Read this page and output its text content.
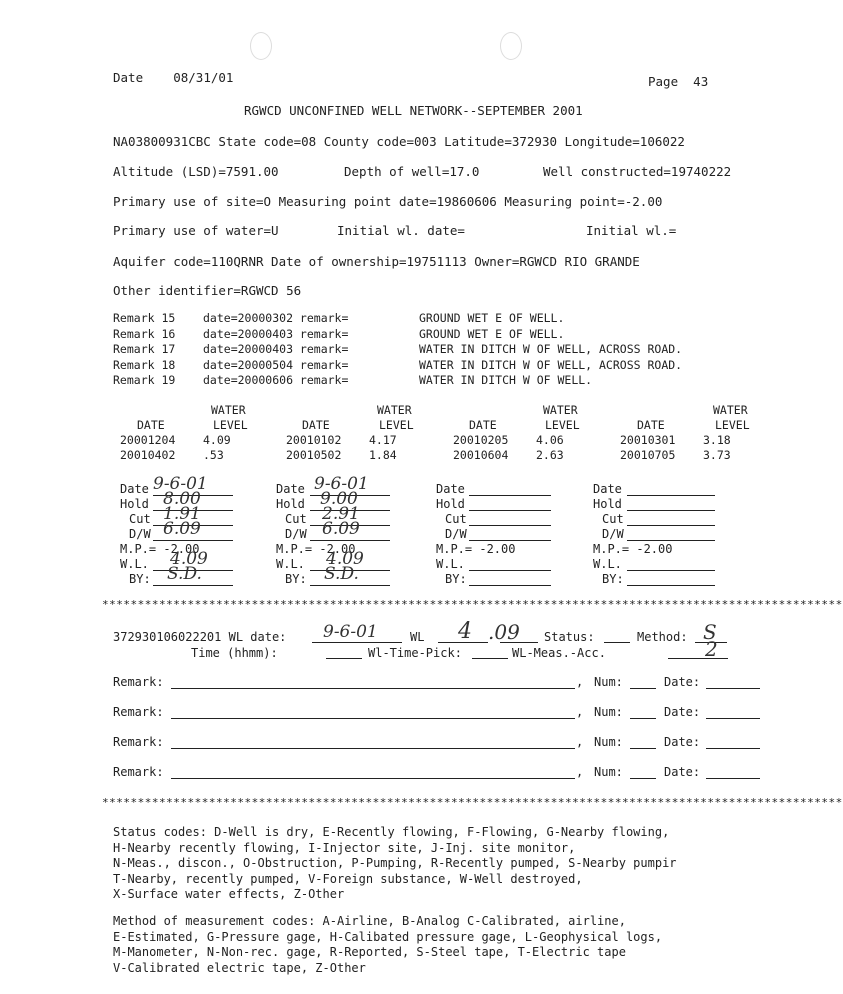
Date 08/31/01	Page 43
RGWCD UNCONFINED WELL NETWORK--SEPTEMBER 2001
NA03800931CBC State code=08 County code=003 Latitude=372930 Longitude=106022
Altitude (LSD)=7591.00	Depth of well=17.0	Well constructed=19740222
Primary use of site=O Measuring point date=19860606 Measuring point=-2.00
Primary use of water=U	Initial wl. date=	Initial wl.=
Aquifer code=110QRNR Date of ownership=19751113 Owner=RGWCD RIO GRANDE
Other identifier=RGWCD 56
Remark 15 date=20000302 remark=	GROUND WET E OF WELL.
Remark 16 date=20000403 remark=	GROUND WET E OF WELL.
Remark 17 date=20000403 remark=	WATER IN DITCH W OF WELL, ACROSS ROAD.
Remark 18 date=20000504 remark=	WATER IN DITCH W OF WELL, ACROSS ROAD.
Remark 19 date=20000606 remark=	WATER IN DITCH W OF WELL.
WATER	WATER	WATER	WATER
DATE	LEVEL	DATE	LEVEL	DATE	LEVEL	DATE	LEVEL
20001204 4.09	20010102 4.17	20010205 4.06	20010301 3.18
20010402 .53	20010502 1.84	20010604 2.63	20010705 3.73
Date 9-6-01
Hold 8.00
Cut 1.91
D/W 6.09
M.P.= -2.00
W.L. 4.09
BY: S.D.
Date 9-6-01
Hold 9.00
Cut 2.91
D/W 6.09
M.P.= -2.00
W.L. 4.09
BY: S.D.
Date
Hold
Cut
D/W
M.P.= -2.00
W.L.
BY:
Date
Hold
Cut
D/W
M.P.= -2.00
W.L.
BY:
********************************************************************************************************
372930106022201 WL date: 9-6-01	WL 4 .09 Status:	Method: S
Time (hhmm):	Wl-Time-Pick:	WL-Meas.-Acc.	2
Remark:	, Num:	Date:
Remark:	, Num:	Date:
Remark:	, Num:	Date:
Remark:	, Num:	Date:
********************************************************************************************************
Status codes: D-Well is dry, E-Recently flowing, F-Flowing, G-Nearby flowing,
H-Nearby recently flowing, I-Injector site, J-Inj. site monitor,
N-Meas., discon., O-Obstruction, P-Pumping, R-Recently pumped, S-Nearby pumpir
T-Nearby, recently pumped, V-Foreign substance, W-Well destroyed,
X-Surface water effects, Z-Other
Method of measurement codes: A-Airline, B-Analog C-Calibrated, airline,
E-Estimated, G-Pressure gage, H-Calibated pressure gage, L-Geophysical logs,
M-Manometer, N-Non-rec. gage, R-Reported, S-Steel tape, T-Electric tape
V-Calibrated electric tape, Z-Other
